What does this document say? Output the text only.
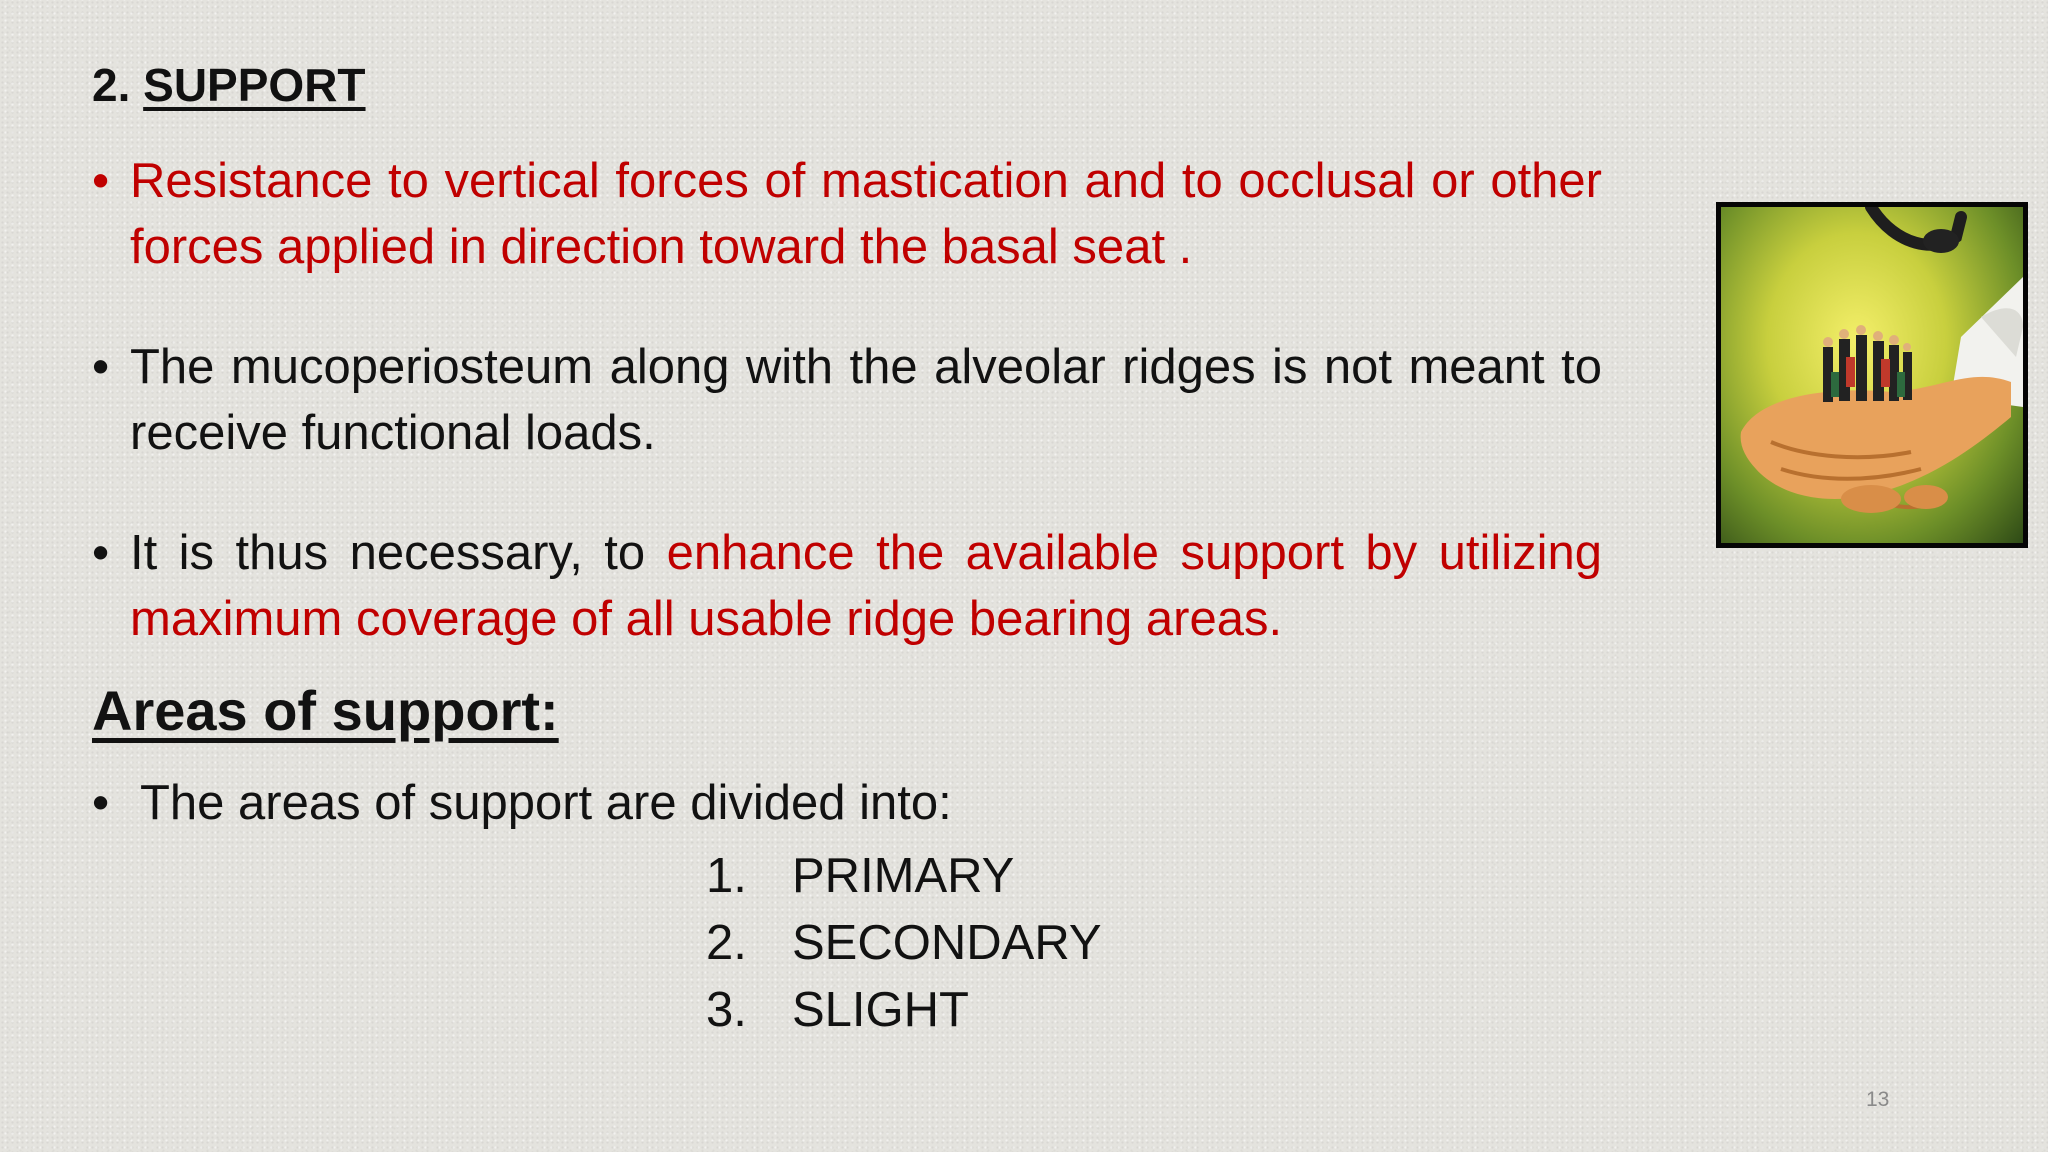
2. SUPPORT
• Resistance to vertical forces of mastication and to occlusal or other forces applied in direction toward the basal seat .
• The mucoperiosteum along with the alveolar ridges is not meant to receive functional loads.
• It is thus necessary, to enhance the available support by utilizing maximum coverage of all usable ridge bearing areas.
Areas of support:
• The areas of support are divided into:
1. PRIMARY
2. SECONDARY
3. SLIGHT
13
